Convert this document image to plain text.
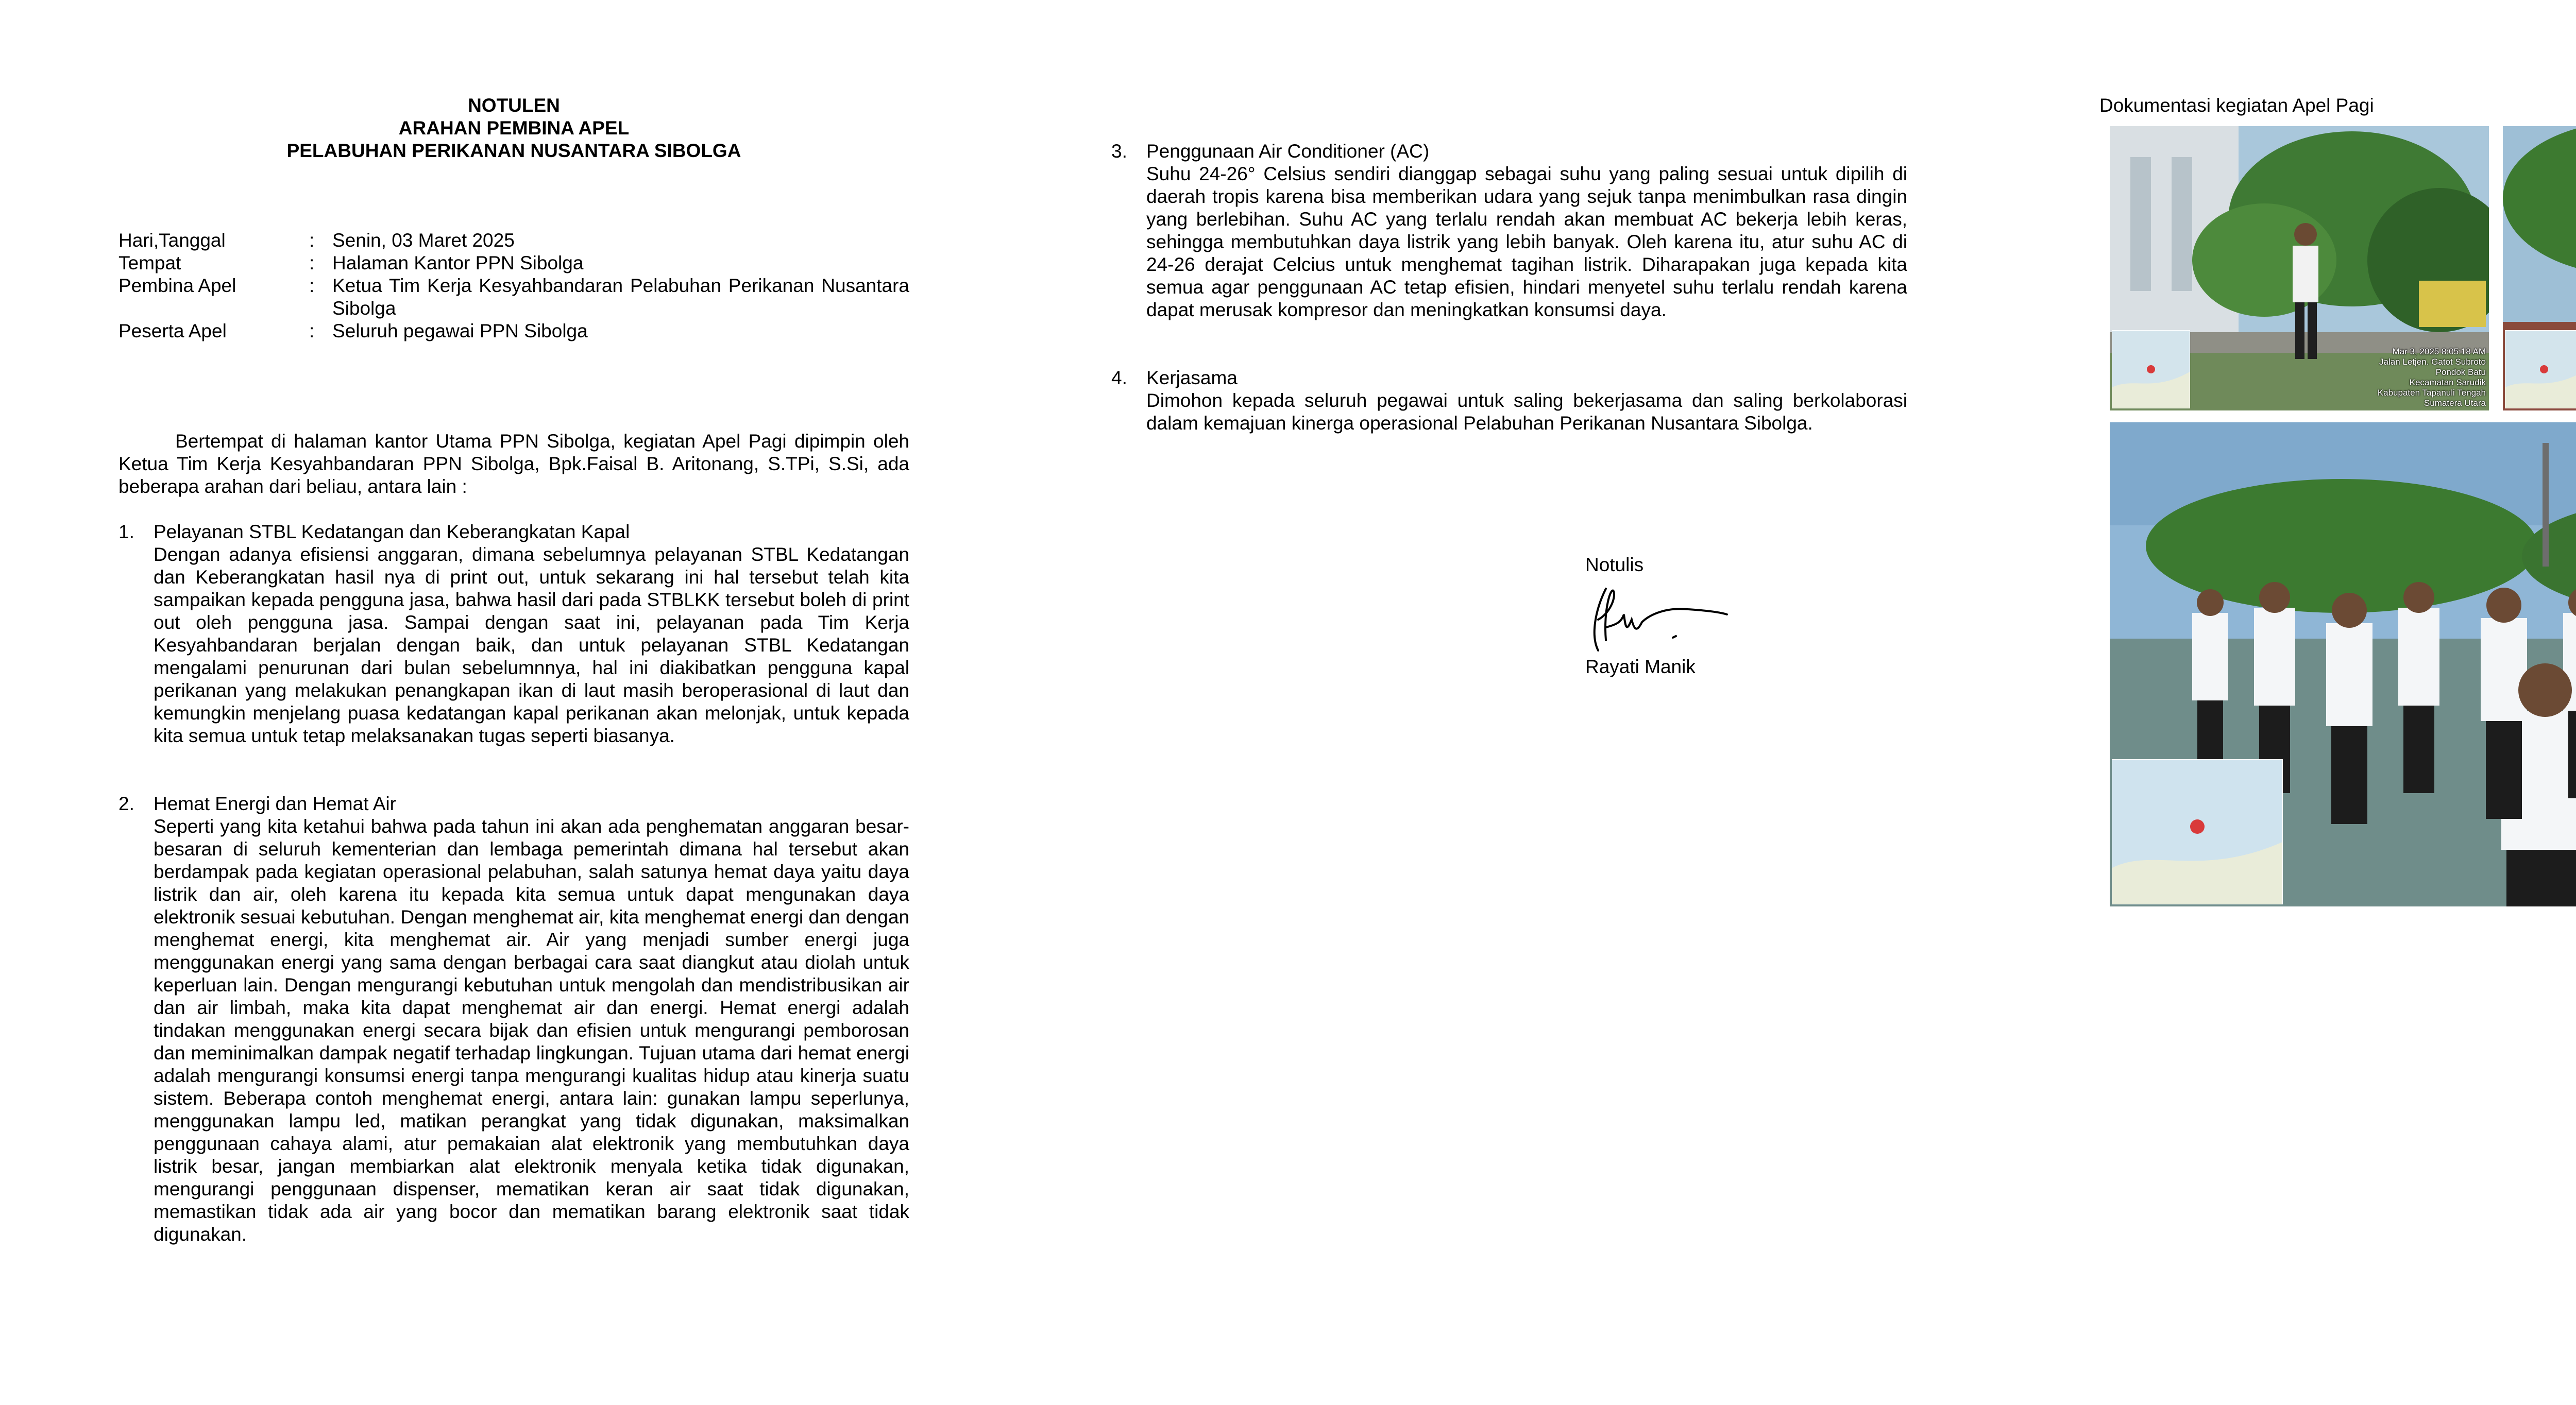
NOTULEN
ARAHAN PEMBINA APEL
PELABUHAN PERIKANAN NUSANTARA SIBOLGA
Hari,Tanggal	: Senin, 03 Maret 2025
Tempat	: Halaman Kantor PPN Sibolga
Pembina Apel	: Ketua Tim Kerja Kesyahbandaran Pelabuhan Perikanan Nusantara Sibolga
Peserta Apel	: Seluruh pegawai PPN Sibolga
Bertempat di halaman kantor Utama PPN Sibolga, kegiatan Apel Pagi dipimpin oleh Ketua Tim Kerja Kesyahbandaran PPN Sibolga, Bpk.Faisal B. Aritonang, S.TPi, S.Si, ada beberapa arahan dari beliau, antara lain :
1.	Pelayanan STBL Kedatangan dan Keberangkatan Kapal
Dengan adanya efisiensi anggaran, dimana sebelumnya pelayanan STBL Kedatangan dan Keberangkatan hasil nya di print out, untuk sekarang ini hal tersebut telah kita sampaikan kepada pengguna jasa, bahwa hasil dari pada STBLKK tersebut boleh di print out oleh pengguna jasa. Sampai dengan saat ini, pelayanan pada Tim Kerja Kesyahbandaran berjalan dengan baik, dan untuk pelayanan STBL Kedatangan mengalami penurunan dari bulan sebelumnnya, hal ini diakibatkan pengguna kapal perikanan yang melakukan penangkapan ikan di laut masih beroperasional di laut dan kemungkin menjelang puasa kedatangan kapal perikanan akan melonjak, untuk kepada kita semua untuk tetap melaksanakan tugas seperti biasanya.
2.	Hemat Energi dan Hemat Air
Seperti yang kita ketahui bahwa pada tahun ini akan ada penghematan anggaran besar-besaran di seluruh kementerian dan lembaga pemerintah dimana hal tersebut akan berdampak pada kegiatan operasional pelabuhan, salah satunya hemat daya yaitu daya listrik dan air, oleh karena itu kepada kita semua untuk dapat mengunakan daya elektronik sesuai kebutuhan. Dengan menghemat air, kita menghemat energi dan dengan menghemat energi, kita menghemat air. Air yang menjadi sumber energi juga menggunakan energi yang sama dengan berbagai cara saat diangkut atau diolah untuk keperluan lain. Dengan mengurangi kebutuhan untuk mengolah dan mendistribusikan air dan air limbah, maka kita dapat menghemat air dan energi. Hemat energi adalah tindakan menggunakan energi secara bijak dan efisien untuk mengurangi pemborosan dan meminimalkan dampak negatif terhadap lingkungan. Tujuan utama dari hemat energi adalah mengurangi konsumsi energi tanpa mengurangi kualitas hidup atau kinerja suatu sistem. Beberapa contoh menghemat energi, antara lain: gunakan lampu seperlunya, menggunakan lampu led, matikan perangkat yang tidak digunakan, maksimalkan penggunaan cahaya alami, atur pemakaian alat elektronik yang membutuhkan daya listrik besar, jangan membiarkan alat elektronik menyala ketika tidak digunakan, mengurangi penggunaan dispenser, mematikan keran air saat tidak digunakan, memastikan tidak ada air yang bocor dan mematikan barang elektronik saat tidak digunakan.
3.	Penggunaan Air Conditioner (AC)
Suhu 24-26° Celsius sendiri dianggap sebagai suhu yang paling sesuai untuk dipilih di daerah tropis karena bisa memberikan udara yang sejuk tanpa menimbulkan rasa dingin yang berlebihan. Suhu AC yang terlalu rendah akan membuat AC bekerja lebih keras, sehingga membutuhkan daya listrik yang lebih banyak. Oleh karena itu, atur suhu AC di 24-26 derajat Celcius untuk menghemat tagihan listrik. Diharapakan juga kepada kita semua agar penggunaan AC tetap efisien, hindari menyetel suhu terlalu rendah karena dapat merusak kompresor dan meningkatkan konsumsi daya.
4.	Kerjasama
Dimohon kepada seluruh pegawai untuk saling bekerjasama dan saling berkolaborasi dalam kemajuan kinerga operasional Pelabuhan Perikanan Nusantara Sibolga.
Notulis
Rayati Manik
Dokumentasi kegiatan Apel Pagi
Mar 3, 2025 8:05:18 AM
Jalan Letjen. Gatot Subroto
Pondok Batu
Kecamatan Sarudik
Kabupaten Tapanuli Tengah
Sumatera Utara
